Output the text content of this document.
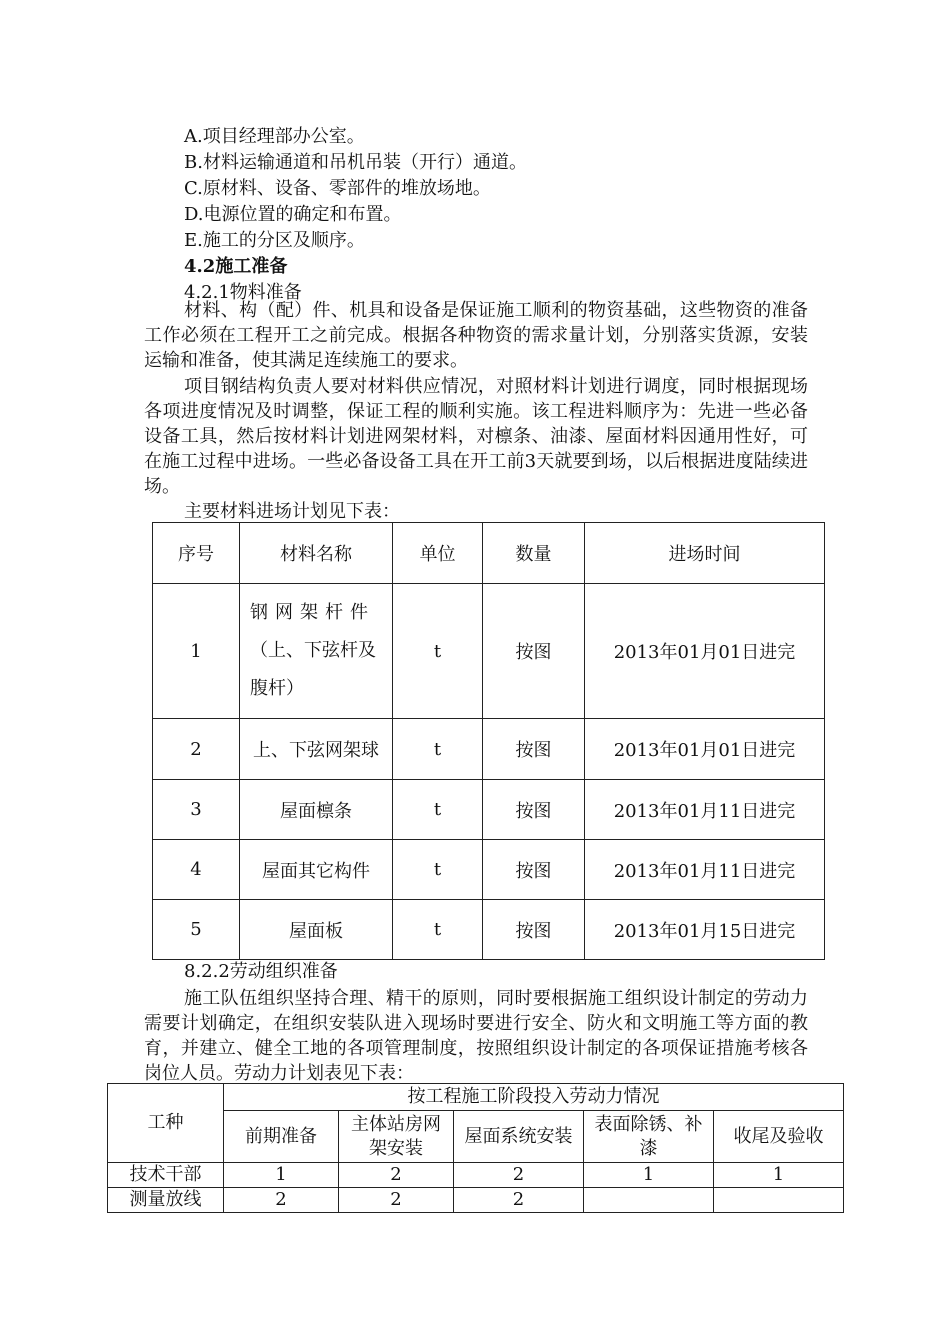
A.项目经理部办公室。
B.材料运输通道和吊机吊装（开行）通道。
C.原材料、设备、零部件的堆放场地。
D.电源位置的确定和布置。
E.施工的分区及顺序。
4.2施工准备
4.2.1物料准备
材料、构（配）件、机具和设备是保证施工顺利的物资基础，这些物资的准备工作必须在工程开工之前完成。根据各种物资的需求量计划，分别落实货源，安装运输和准备，使其满足连续施工的要求。
项目钢结构负责人要对材料供应情况，对照材料计划进行调度，同时根据现场各项进度情况及时调整，保证工程的顺利实施。该工程进料顺序为：先进一些必备设备工具，然后按材料计划进网架材料，对檩条、油漆、屋面材料因通用性好，可在施工过程中进场。一些必备设备工具在开工前3天就要到场，以后根据进度陆续进场。
主要材料进场计划见下表：
序号	材料名称	单位	数量	进场时间
1	钢网架杆件
（上、下弦杆及
腹杆）	t	按图	2013年01月01日进完
2	上、下弦网架球	t	按图	2013年01月01日进完
3	屋面檩条	t	按图	2013年01月11日进完
4	屋面其它构件	t	按图	2013年01月11日进完
5	屋面板	t	按图	2013年01月15日进完
8.2.2劳动组织准备
施工队伍组织坚持合理、精干的原则，同时要根据施工组织设计制定的劳动力需要计划确定，在组织安装队进入现场时要进行安全、防火和文明施工等方面的教育，并建立、健全工地的各项管理制度，按照组织设计制定的各项保证措施考核各岗位人员。劳动力计划表见下表：
工种	按工程施工阶段投入劳动力情况				
	前期准备	主体站房网架安装	屋面系统安装	表面除锈、补漆	收尾及验收
技术干部	1	2	2	1	1
测量放线	2	2	2		
